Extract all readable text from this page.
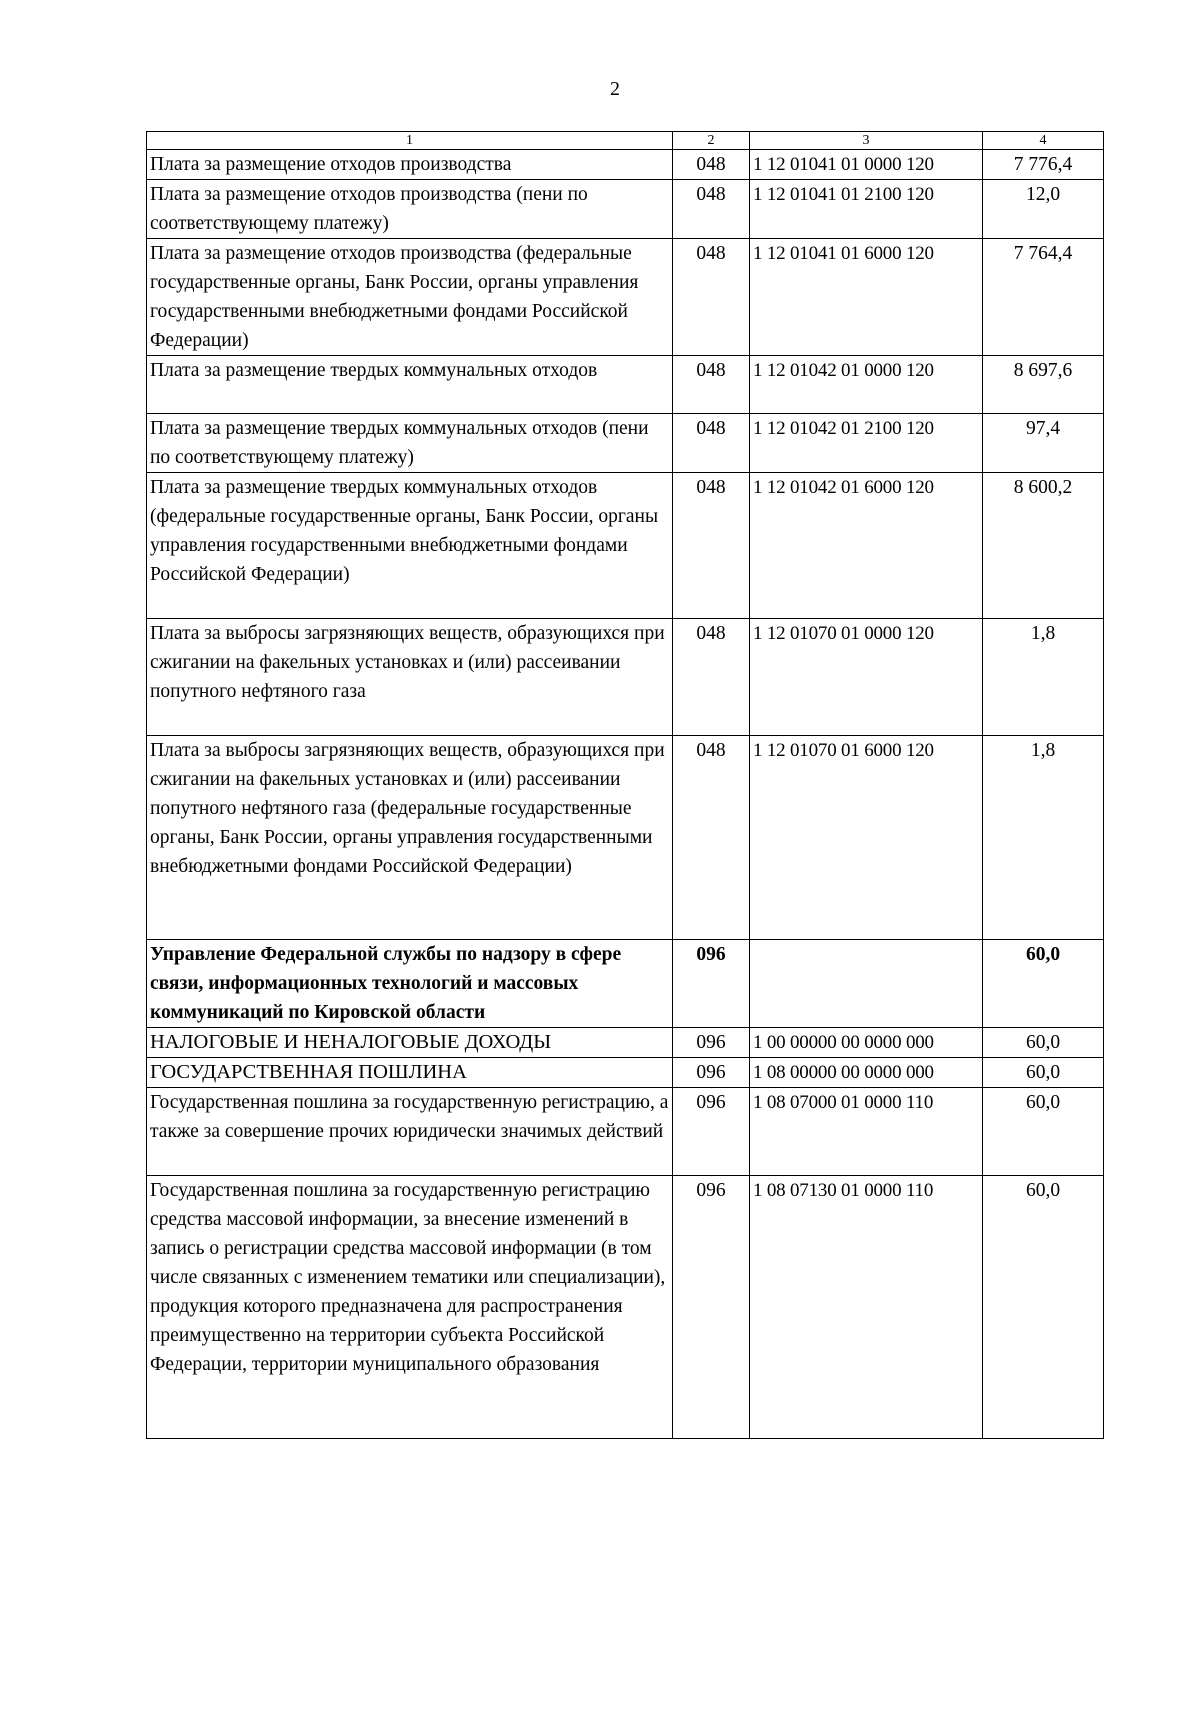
2
1	2	3	4
Плата за размещение отходов производства	048	1 12 01041 01 0000 120	7 776,4
Плата за размещение отходов производства (пени по соответствующему платежу)	048	1 12 01041 01 2100 120	12,0
Плата за размещение отходов производства (федеральные государственные органы, Банк России, органы управления государственными внебюджетными фондами Российской Федерации)	048	1 12 01041 01 6000 120	7 764,4
Плата за размещение твердых коммунальных отходов	048	1 12 01042 01 0000 120	8 697,6
Плата за размещение твердых коммунальных отходов (пени по соответствующему платежу)	048	1 12 01042 01 2100 120	97,4
Плата за размещение твердых коммунальных отходов (федеральные государственные органы, Банк России, органы управления государственными внебюджетными фондами Российской Федерации)	048	1 12 01042 01 6000 120	8 600,2
Плата за выбросы загрязняющих веществ, образующихся при сжигании на факельных установках и (или) рассеивании попутного нефтяного газа	048	1 12 01070 01 0000 120	1,8
Плата за выбросы загрязняющих веществ, образующихся при сжигании на факельных установках и (или) рассеивании попутного нефтяного газа (федеральные государственные органы, Банк России, органы управления государственными внебюджетными фондами Российской Федерации)	048	1 12 01070 01 6000 120	1,8
Управление Федеральной службы по надзору в сфере связи, информационных технологий и массовых коммуникаций по Кировской области	096		60,0
НАЛОГОВЫЕ И НЕНАЛОГОВЫЕ ДОХОДЫ	096	1 00 00000 00 0000 000	60,0
ГОСУДАРСТВЕННАЯ ПОШЛИНА	096	1 08 00000 00 0000 000	60,0
Государственная пошлина за государственную регистрацию, а также за совершение прочих юридически значимых действий	096	1 08 07000 01 0000 110	60,0
Государственная пошлина за государственную регистрацию средства массовой информации, за внесение изменений в запись о регистрации средства массовой информации (в том числе связанных с изменением тематики или специализации), продукция которого предназначена для распространения преимущественно на территории субъекта Российской Федерации, территории муниципального образования	096	1 08 07130 01 0000 110	60,0
